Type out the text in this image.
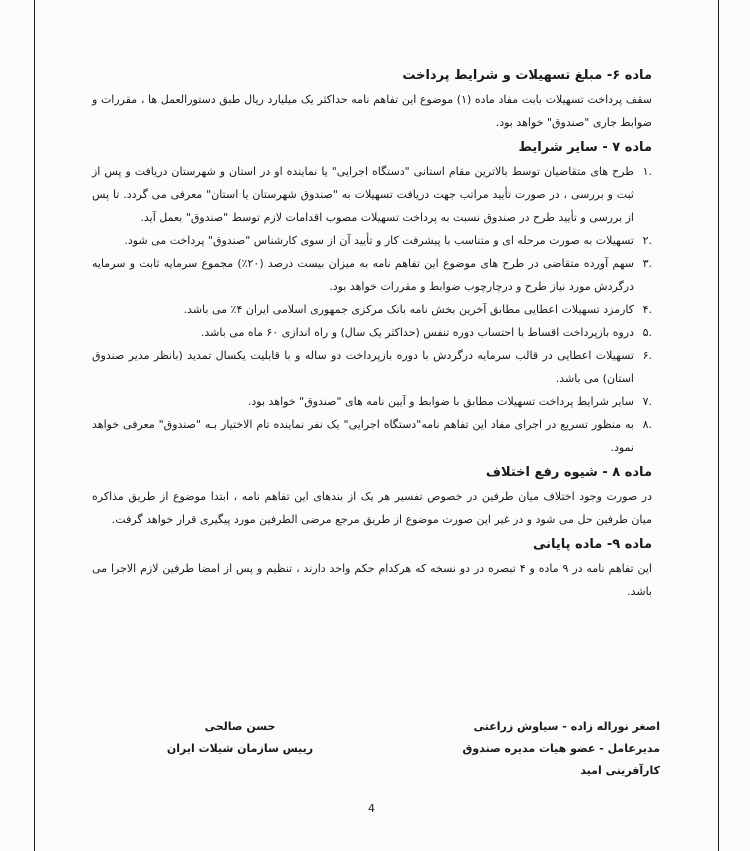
ماده ۶- مبلغ تسهیلات و شرایط پرداخت

سقف پرداخت تسهیلات بابت مفاد ماده (۱) موضوع این تفاهم نامه حداکثر یک میلیارد ریال طبق دستورالعمل ها ، مقررات و ضوابط جاری "صندوق" خواهد بود.

ماده ۷ - سایر شرایط
۱.
طرح های متقاضیان توسط بالاترین مقام استانی "دستگاه اجرایی" یا نماینده او در استان و شهرستان دریافت و پس از ثبت و بررسی ، در صورت تأیید مراتب جهت دریافت تسهیلات به "صندوق شهرستان یا استان" معرفی می گردد. تا پس از بررسی و تأیید طرح در صندوق نسبت به پرداخت تسهیلات مصوب اقدامات لازم توسط "صندوق" بعمل آید.
۲.
تسهیلات به صورت مرحله ای و متناسب با پیشرفت کار و تأیید آن از سوی کارشناس "صندوق" پرداخت می شود.
۳.
سهم آورده متقاضی در طرح های موضوع این تفاهم نامه به میزان بیست درصد (۲۰٪) مجموع سرمایه ثابت و سرمایه درگردش مورد نیاز طرح و درچارچوب ضوابط و مقررات خواهد بود.
۴.
کارمزد تسهیلات اعطایی مطابق آخرین بخش نامه بانک مرکزی جمهوری اسلامی ایران ۴٪ می باشد.
۵.
دروه بازپرداخت اقساط با احتساب دوره تنفس (حداکثر یک سال) و راه اندازی ۶۰ ماه می باشد.
۶.
تسهیلات اعطایی در قالب سرمایه درگردش با دوره بازپرداخت دو ساله و با قابلیت یکسال تمدید (بانظر مدیر صندوق استان) می باشد.
۷.
سایر شرایط پرداخت تسهیلات مطابق با ضوابط و آیین نامه های "صندوق" خواهد بود.
۸.
به منظور تسریع در اجرای مفاد این تفاهم نامه"دستگاه اجرایی" یک نفر نماینده تام الاختیار بـه "صندوق" معرفی خواهد نمود.
ماده ۸ - شیوه رفع اختلاف

در صورت وجود اختلاف میان طرفین در خصوص تفسیر هر یک از بندهای این تفاهم نامه ، ابتدا موضوع از طریق مذاکره میان طرفین حل می شود و در غیر این صورت موضوع از طریق مرجع مرضی الطرفین مورد پیگیری قرار خواهد گرفت.

ماده ۹- ماده پایانی

این تفاهم نامه در ۹ ماده و ۴ تبصره در دو نسخه که هرکدام حکم واحد دارند ، تنظیم و پس از امضا طرفین لازم الاجرا می باشد.

اصغر نوراله زاده - سیاوش زراعتی
مدیرعامل - عضو هیات مدیره صندوق کارآفرینی امید
حسن صالحی
رییس سازمان شیلات ایران
4
